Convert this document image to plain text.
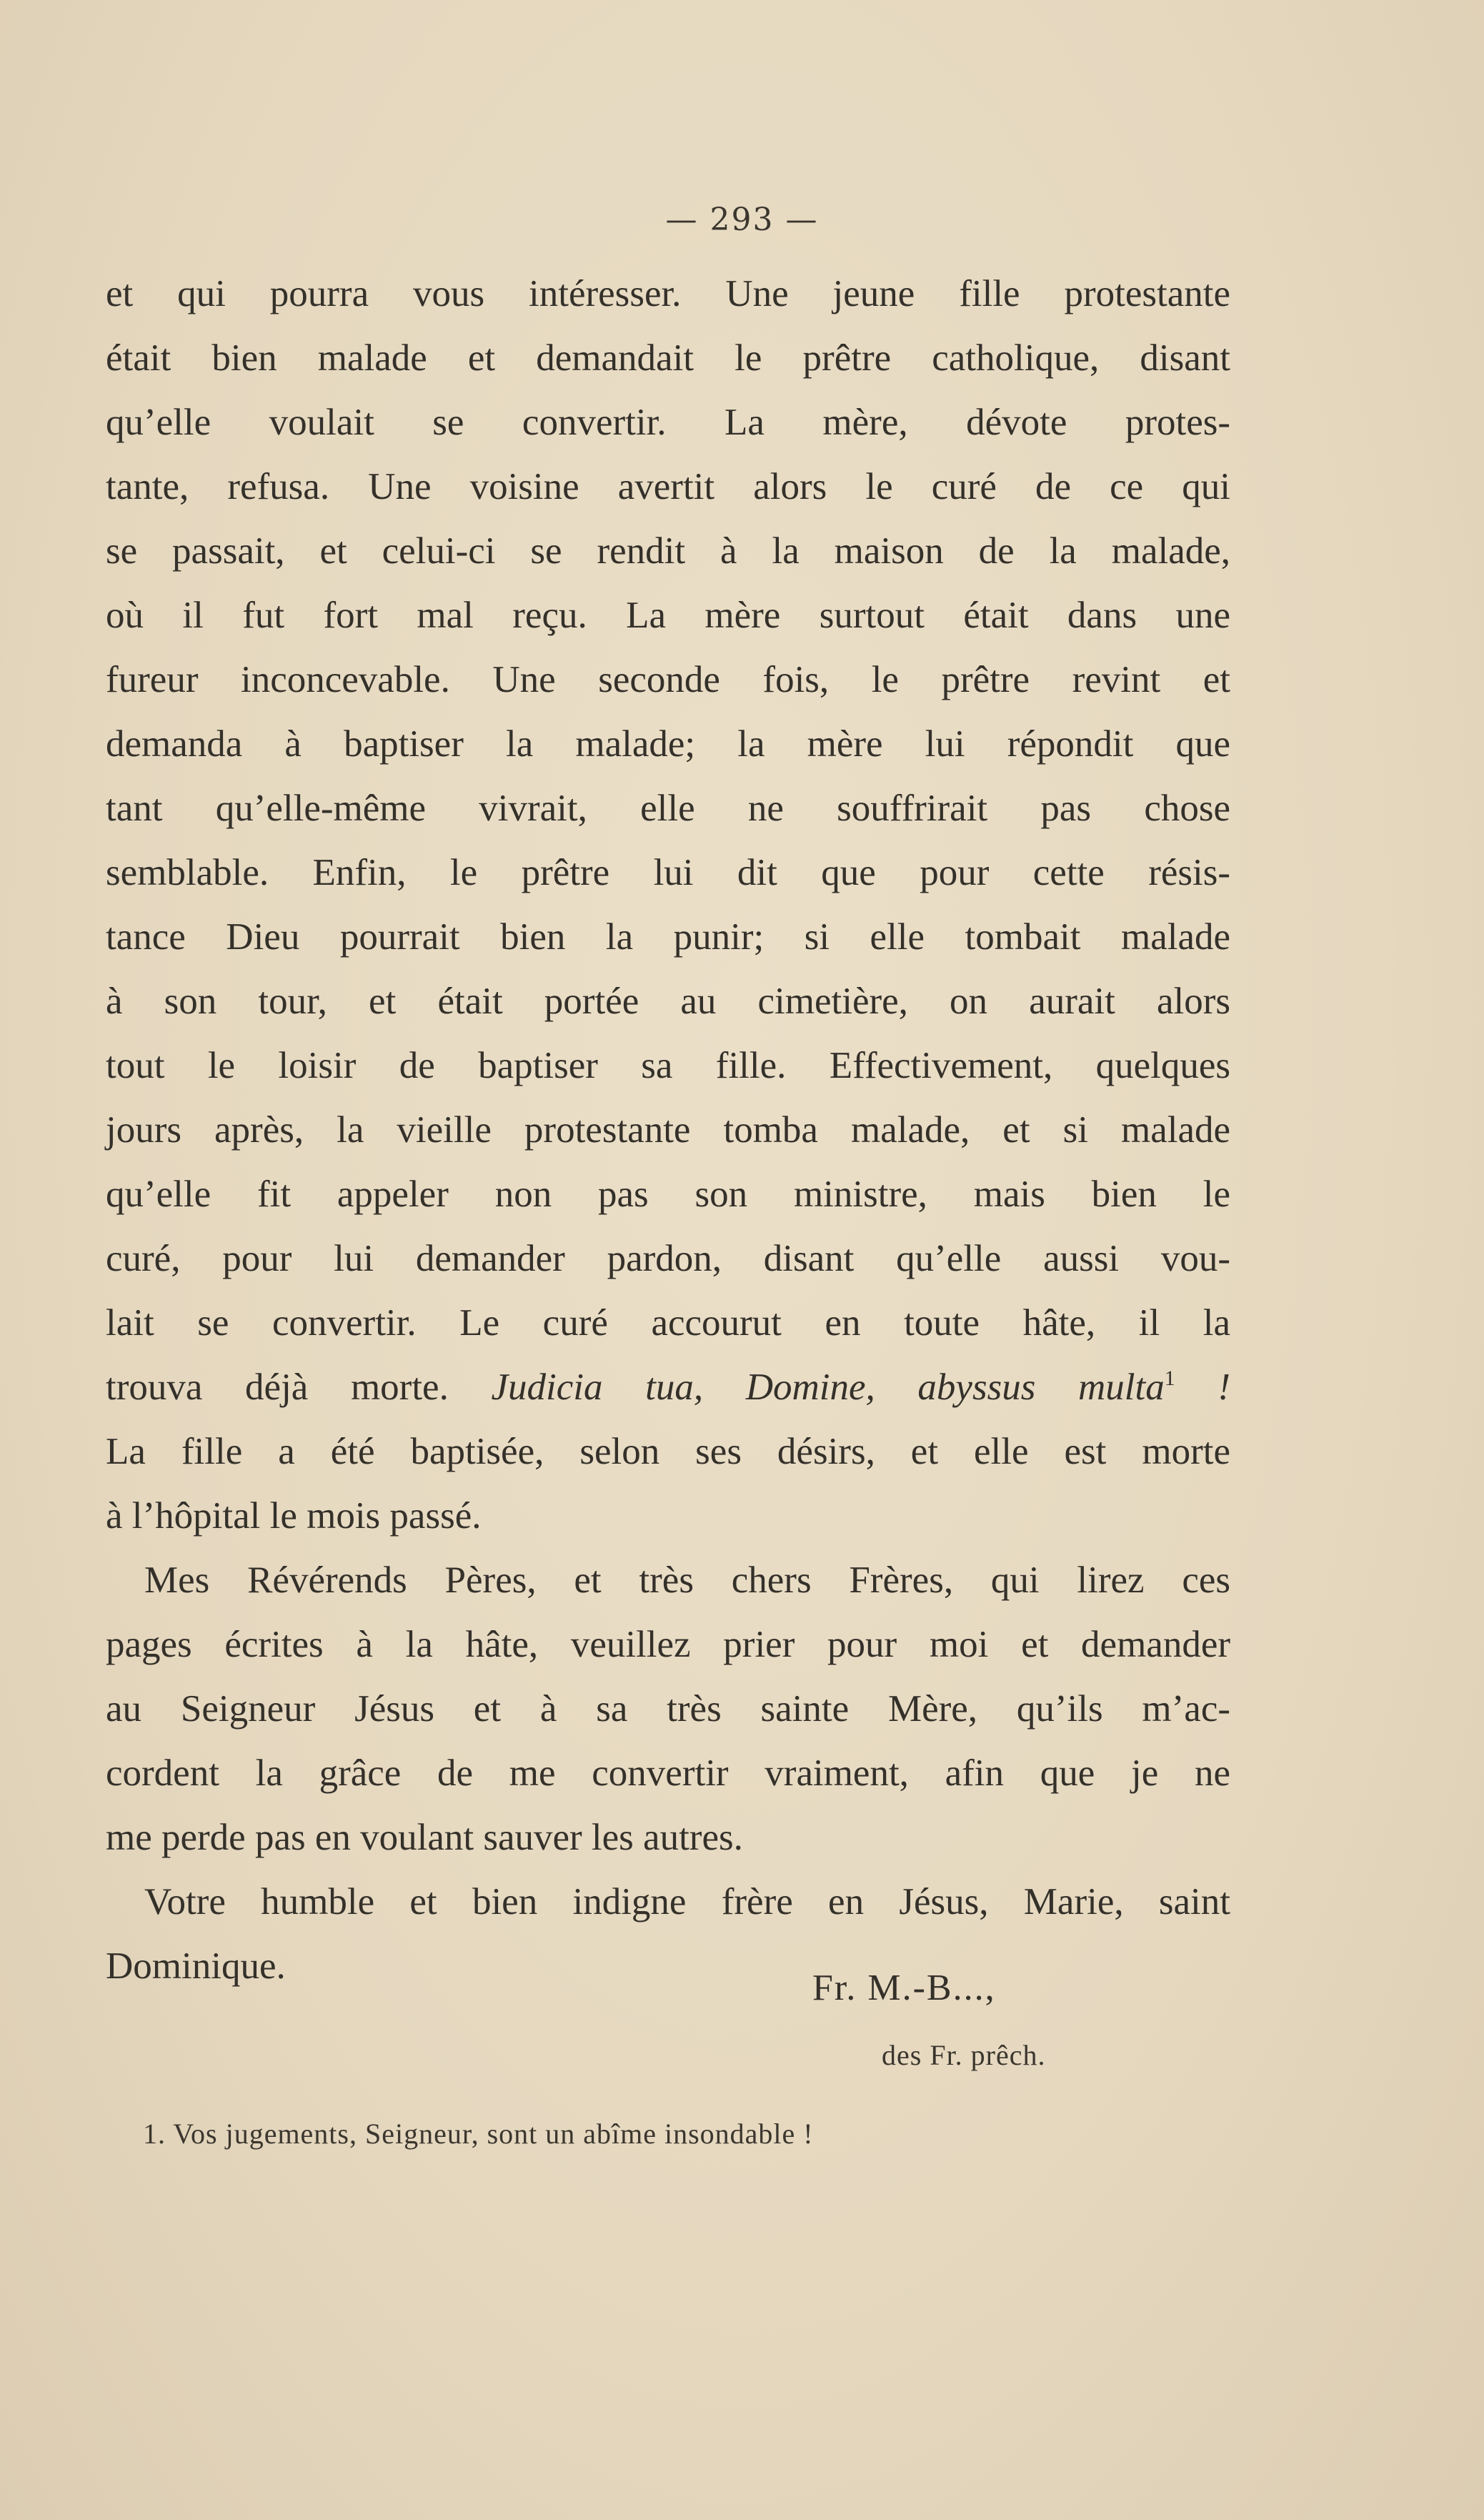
— 293 —
et qui pourra vous intéresser. Une jeune fille protestante
était bien malade et demandait le prêtre catholique, disant
qu’elle voulait se convertir. La mère, dévote protes-
tante, refusa. Une voisine avertit alors le curé de ce qui
se passait, et celui-ci se rendit à la maison de la malade,
où il fut fort mal reçu. La mère surtout était dans une
fureur inconcevable. Une seconde fois, le prêtre revint et
demanda à baptiser la malade; la mère lui répondit que
tant qu’elle-même vivrait, elle ne souffrirait pas chose
semblable. Enfin, le prêtre lui dit que pour cette résis-
tance Dieu pourrait bien la punir; si elle tombait malade
à son tour, et était portée au cimetière, on aurait alors
tout le loisir de baptiser sa fille. Effectivement, quelques
jours après, la vieille protestante tomba malade, et si malade
qu’elle fit appeler non pas son ministre, mais bien le
curé, pour lui demander pardon, disant qu’elle aussi vou-
lait se convertir. Le curé accourut en toute hâte, il la
trouva déjà morte. Judicia tua, Domine, abyssus multa$^1$ !
La fille a été baptisée, selon ses désirs, et elle est morte
à l’hôpital le mois passé.
Mes Révérends Pères, et très chers Frères, qui lirez ces
pages écrites à la hâte, veuillez prier pour moi et demander
au Seigneur Jésus et à sa très sainte Mère, qu’ils m’ac-
cordent la grâce de me convertir vraiment, afin que je ne
me perde pas en voulant sauver les autres.
Votre humble et bien indigne frère en Jésus, Marie, saint
Dominique.
Fr. M.-B...,
des Fr. prêch.
1. Vos jugements, Seigneur, sont un abîme insondable !
